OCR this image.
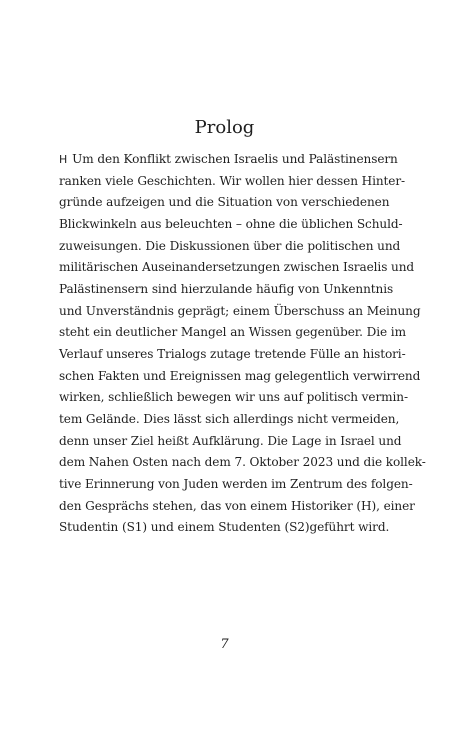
Prolog
H Um den Konflikt zwischen Israelis und Palästinensern
ranken viele Geschichten. Wir wollen hier dessen Hinter-
gründe aufzeigen und die Situation von verschiedenen
Blickwinkeln aus beleuchten – ohne die üblichen Schuld-
zuweisungen. Die Diskussionen über die politischen und
militärischen Auseinandersetzungen zwischen Israelis und
Palästinensern sind hierzulande häufig von Unkenntnis
und Unverständnis geprägt; einem Überschuss an Meinung
steht ein deutlicher Mangel an Wissen gegenüber. Die im
Verlauf unseres Trialogs zutage tretende Fülle an histori-
schen Fakten und Ereignissen mag gelegentlich verwirrend
wirken, schließlich bewegen wir uns auf politisch vermin-
tem Gelände. Dies lässt sich allerdings nicht vermeiden,
denn unser Ziel heißt Aufklärung. Die Lage in Israel und
dem Nahen Osten nach dem 7. Oktober 2023 und die kollek-
tive Erinnerung von Juden werden im Zentrum des folgen-
den Gesprächs stehen, das von einem Historiker (H), einer
Studentin (S1) und einem Studenten (S2)geführt wird.
7
